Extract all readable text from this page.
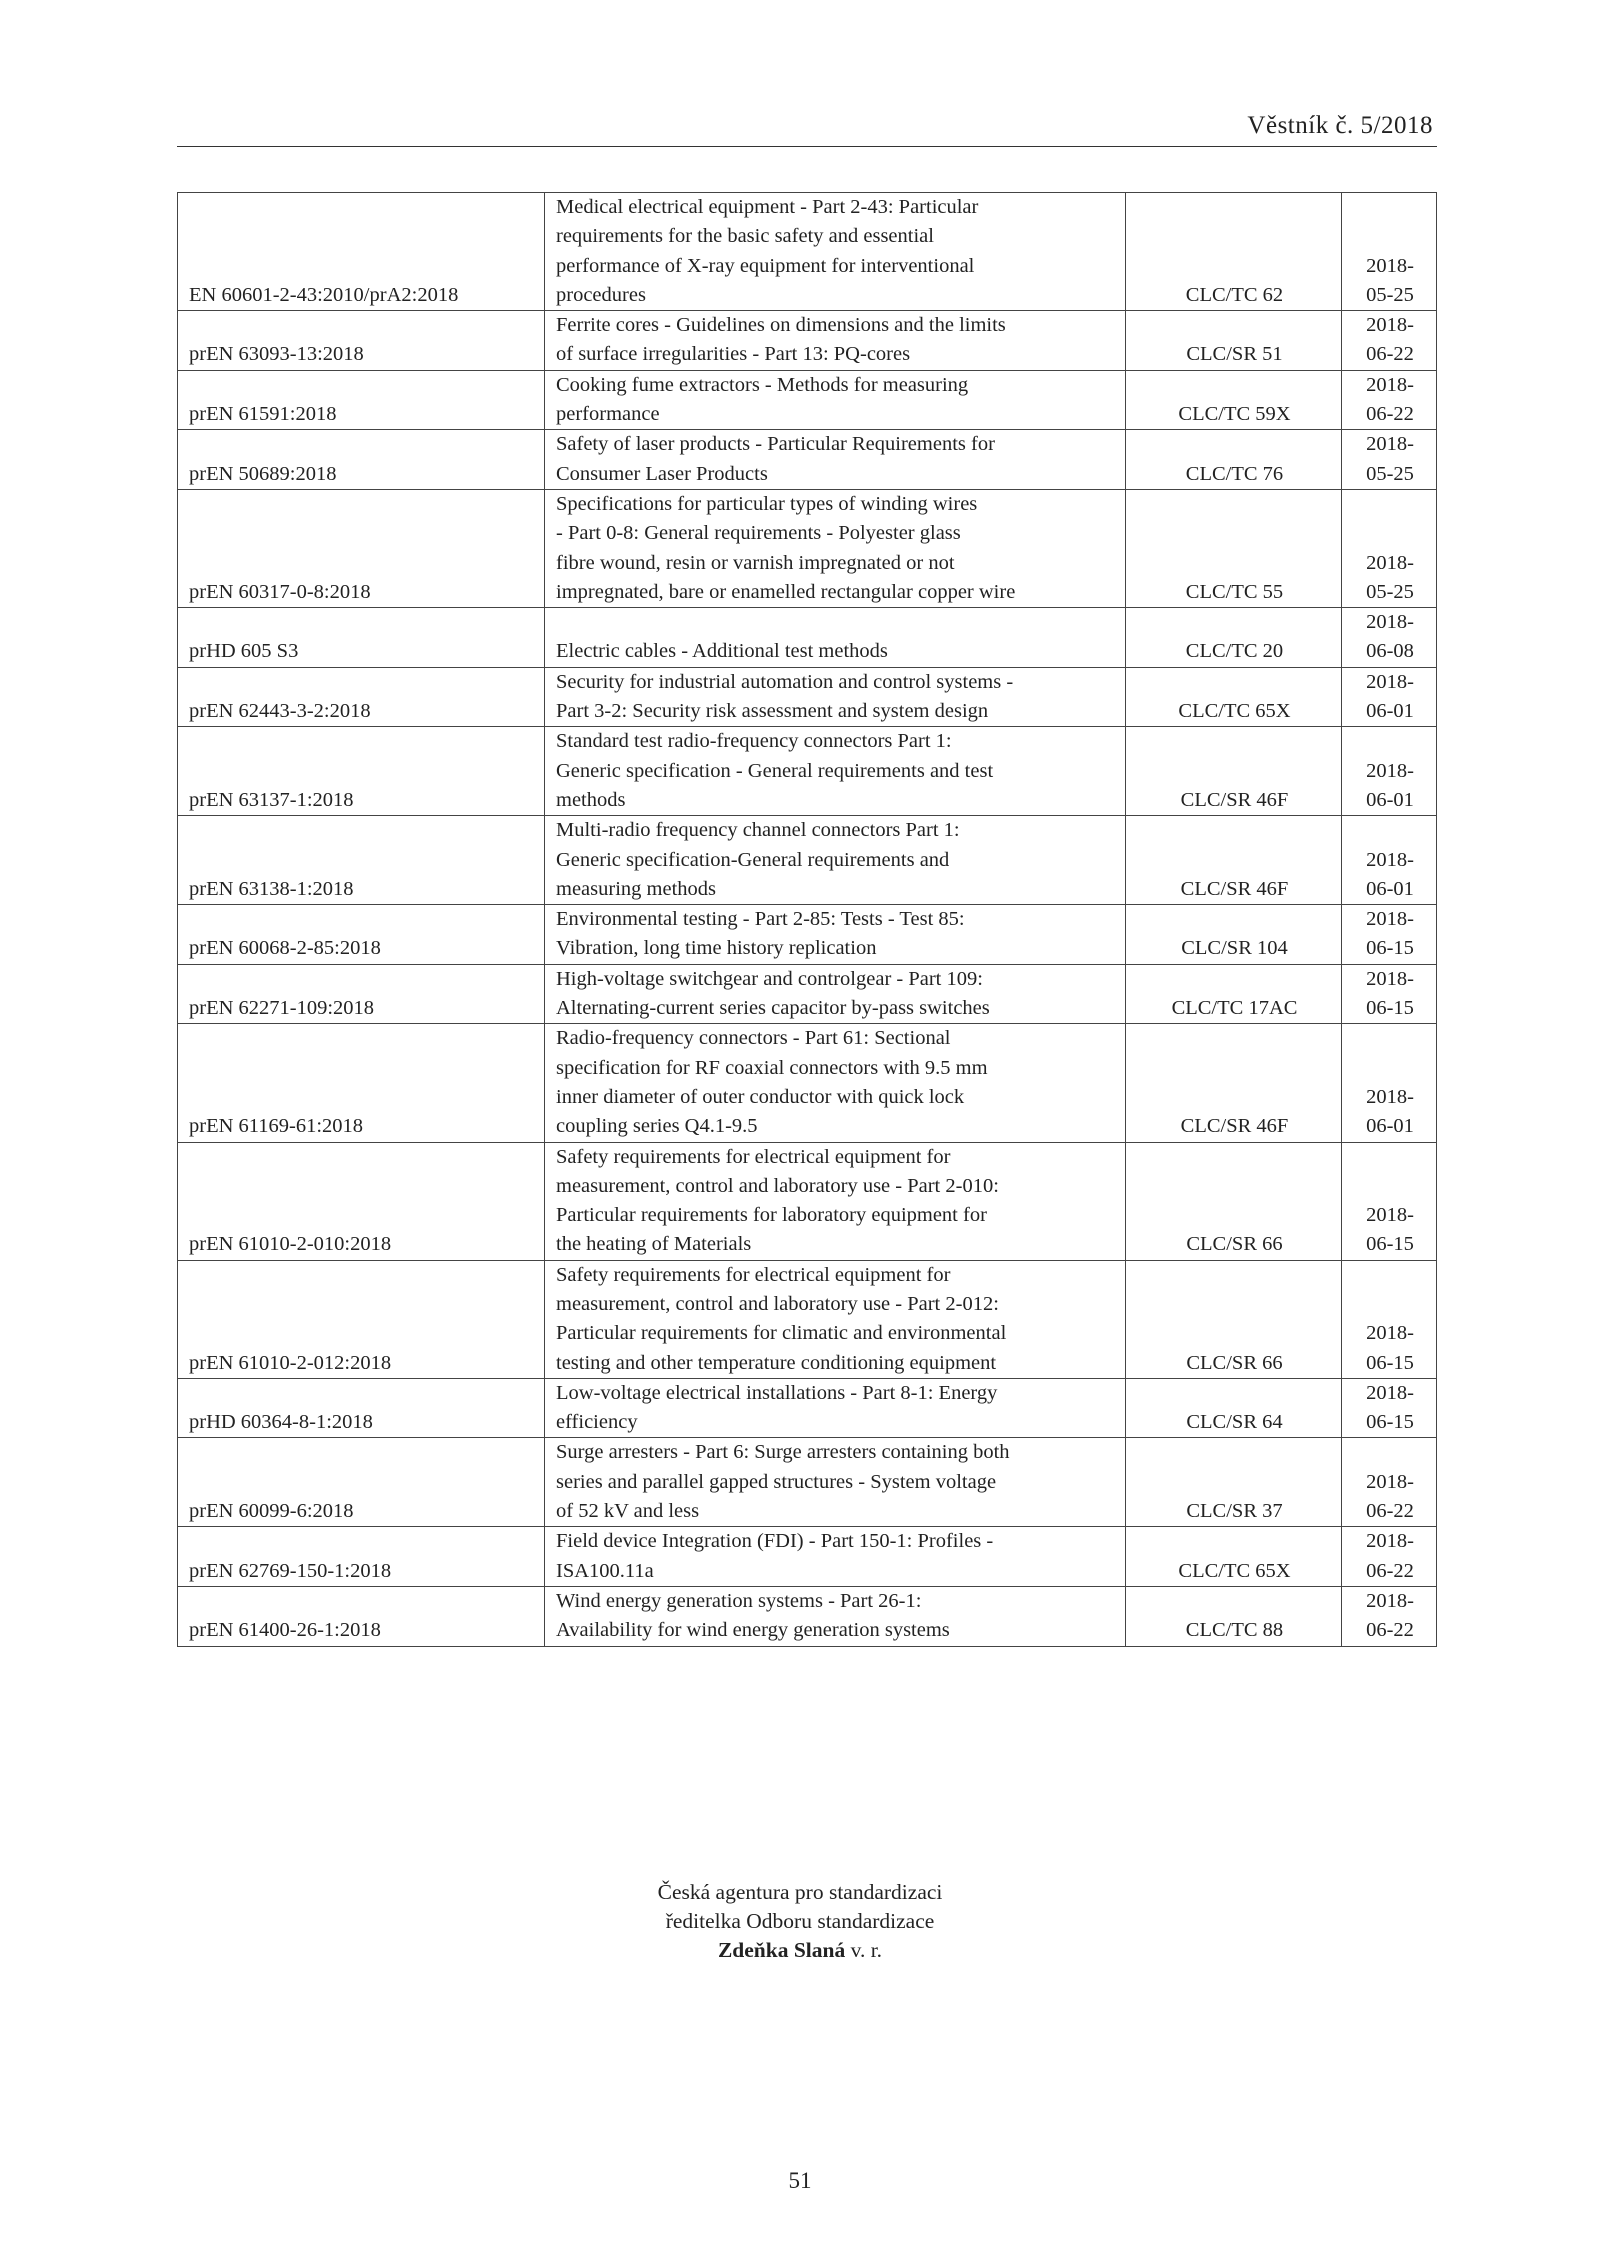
Věstník č. 5/2018
EN 60601-2-43:2010/prA2:2018	Medical electrical equipment - Part 2-43: Particular
requirements for the basic safety and essential
performance of X-ray equipment for interventional
procedures	CLC/TC 62	2018-05-25
prEN 63093-13:2018	Ferrite cores - Guidelines on dimensions and the limits
of surface irregularities - Part 13: PQ-cores	CLC/SR 51	2018-06-22
prEN 61591:2018	Cooking fume extractors - Methods for measuring
performance	CLC/TC 59X	2018-06-22
prEN 50689:2018	Safety of laser products - Particular Requirements for
Consumer Laser Products	CLC/TC 76	2018-05-25
prEN 60317-0-8:2018	Specifications for particular types of winding wires
- Part 0-8: General requirements - Polyester glass
fibre wound, resin or varnish impregnated or not
impregnated, bare or enamelled rectangular copper wire	CLC/TC 55	2018-05-25
prHD 605 S3	Electric cables - Additional test methods	CLC/TC 20	2018-06-08
prEN 62443-3-2:2018	Security for industrial automation and control systems -
Part 3-2: Security risk assessment and system design	CLC/TC 65X	2018-06-01
prEN 63137-1:2018	Standard test radio-frequency connectors Part 1:
Generic specification - General requirements and test
methods	CLC/SR 46F	2018-06-01
prEN 63138-1:2018	Multi-radio frequency channel connectors Part 1:
Generic specification-General requirements and
measuring methods	CLC/SR 46F	2018-06-01
prEN 60068-2-85:2018	Environmental testing - Part 2-85: Tests - Test 85:
Vibration, long time history replication	CLC/SR 104	2018-06-15
prEN 62271-109:2018	High-voltage switchgear and controlgear - Part 109:
Alternating-current series capacitor by-pass switches	CLC/TC 17AC	2018-06-15
prEN 61169-61:2018	Radio-frequency connectors - Part 61: Sectional
specification for RF coaxial connectors with 9.5 mm
inner diameter of outer conductor with quick lock
coupling series Q4.1-9.5	CLC/SR 46F	2018-06-01
prEN 61010-2-010:2018	Safety requirements for electrical equipment for
measurement, control and laboratory use - Part 2-010:
Particular requirements for laboratory equipment for
the heating of Materials	CLC/SR 66	2018-06-15
prEN 61010-2-012:2018	Safety requirements for electrical equipment for
measurement, control and laboratory use - Part 2-012:
Particular requirements for climatic and environmental
testing and other temperature conditioning equipment	CLC/SR 66	2018-06-15
prHD 60364-8-1:2018	Low-voltage electrical installations - Part 8-1: Energy
efficiency	CLC/SR 64	2018-06-15
prEN 60099-6:2018	Surge arresters - Part 6: Surge arresters containing both
series and parallel gapped structures - System voltage
of 52 kV and less	CLC/SR 37	2018-06-22
prEN 62769-150-1:2018	Field device Integration (FDI) - Part 150-1: Profiles -
ISA100.11a	CLC/TC 65X	2018-06-22
prEN 61400-26-1:2018	Wind energy generation systems - Part 26-1:
Availability for wind energy generation systems	CLC/TC 88	2018-06-22
Česká agentura pro standardizaci
ředitelka Odboru standardizace
Zdeňka Slaná v. r.
51
